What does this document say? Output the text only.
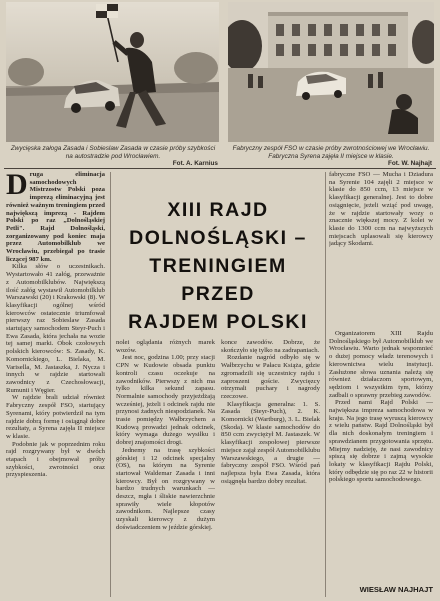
Zwycięska załoga Zasada i Sobieslaw Zasada w czasie próby szybkości na autostradzie pod Wrocławiem.
Fot. A. Karnius
Fabryczny zespół FSO w czasie próby zwrotnościowej we Wrocławiu. Fabryczna Syrena zajęła II miejsce w klasie.
Fot. W. Najhajt

Druga eliminacja samochodowych Mistrzostw Polski poza imprezą eliminacyjną jest również ważnym treningiem przed największą imprezą - Rajdem Polski po raz „Dolnośląskiej Petli". Rajd Dolnośląski, zorganizowany pod koniec maja przez Automobilklub we Wrocławiu, przebiegał po trasie liczącej 987 km.

Kilka słów o uczestnikach. Wystartowało 41 załóg, przeważnie z Automobilklubów. Największą ilość załóg wystawił Automobilklub Warszawski (20) i Krakowski (8). W klasyfikacji ogólnej wśród kierowców ostatecznie triumfował pierwszy raz Sobieslaw Zasada startujący samochodem Steyr-Puch i Ewa Zasada, która jechała na wozie tej samej marki. Obok czołowych polskich kierowców: S. Zasady, K. Komornickiego, L. Bielaka, M. Varisella, M. Jastaszka, J. Nycza i innych w rajdzie startowali zawodnicy z Czechosłowacji, Rumunii i Węgier.

W rajdzie brali udział również Fabryczny zespół FSO, startujący Syrenami, który potwierdził na tym rajdzie dobrą formę i osiągnął dobre rezultaty, a Syrena zajęła II miejsce w klasie.

Podobnie jak w poprzednim roku rajd rozgrywany był w dwóch etapach i obejmował próby szybkości, zwrotności oraz przyspieszenia.

XIII RAJD
DOLNOŚLĄSKI –
TRENINGIEM
PRZED
RAJDEM POLSKI

nolei oglądania różnych marek wozów.

Jest noc, godzina 1.00; przy stacji CPN w Kudowie obsada punktu kontroli czasu oczekuje na zawodników. Pierwszy z nich ma tylko kilka sekund zapasu. Normalnie samochody przyjeżdżają wcześniej, jeżeli i odcinek rajdu nie przynosi żadnych niespodzianek. Na trasie pomiędzy Wałbrzychem a Kudową prowadzi jednak odcinek, który wymaga dużego wysiłku i dobrej znajomości drogi.

Jednemy na trasę szybkości górskiej i 12 odcinek specjalny (OS), na którym na Syrenie startował Waldemar Zasada i inni kierowcy. Był on rozgrywany w bardzo trudnych warunkach — deszcz, mgła i śliskie nawierzchnie sprawiły wiele kłopotów zawodnikom. Najlepsze czasy uzyskali kierowcy z dużym doświadczeniem w jeździe górskiej.

konce zawodów. Dobrze, że skończyło się tylko na zadrapaniach.

Rozdanie nagród odbyło się w Wałbrzychu w Pałacu Książa, gdzie zgromadzili się uczestnicy rajdu i zaproszeni goście. Zwycięzcy otrzymali puchary i nagrody rzeczowe.

Klasyfikacja generalna: 1. S. Zasada (Steyr-Puch), 2. K. Komornicki (Wartburg), 3. L. Bielak (Skoda). W klasie samochodów do 850 ccm zwyciężył M. Jastaszek. W klasyfikacji zespołowej pierwsze miejsce zajął zespół Automobilklubu Warszawskiego, a drugie — fabryczny zespół FSO. Wśród pań najlepsza była Ewa Zasada, która osiągnęła bardzo dobry rezultat.

fabryczne FSO — Mucha i Dziadura na Syrenie 104 zajęli 2 miejsce w klasie do 850 ccm, 13 miejsce w klasyfikacji generalnej. Jest to dobre osiągnięcie, jeżeli wziąć pod uwagę, że w rajdzie startowały wozy o znacznie większej mocy. Z kolei w klasie do 1300 ccm na najwyższych miejscach uplasowali się kierowcy jadący Skodami.

Organizatorem XIII Rajdu Dolnośląskiego był Automobilklub we Wrocławiu. Warto jednak wspomnieć o dużej pomocy władz terenowych i kierownictwa wielu instytucji. Zasłużone słowa uznania należą się również działaczom sportowym, sędziom i wszystkim tym, którzy zadbali o sprawny przebieg zawodów.

Przed nami Rajd Polski — największa impreza samochodowa w kraju. Na jego trasę wyruszą kierowcy z wielu państw. Rajd Dolnośląski był dla nich doskonałym treningiem i sprawdzianem przygotowania sprzętu. Miejmy nadzieję, że nasi zawodnicy spiszą się dobrze i zajmą wysokie lokaty w klasyfikacji Rajdu Polski, który odbędzie się po raz 22 w historii polskiego sportu samochodowego.

WIESŁAW NAJHAJT
